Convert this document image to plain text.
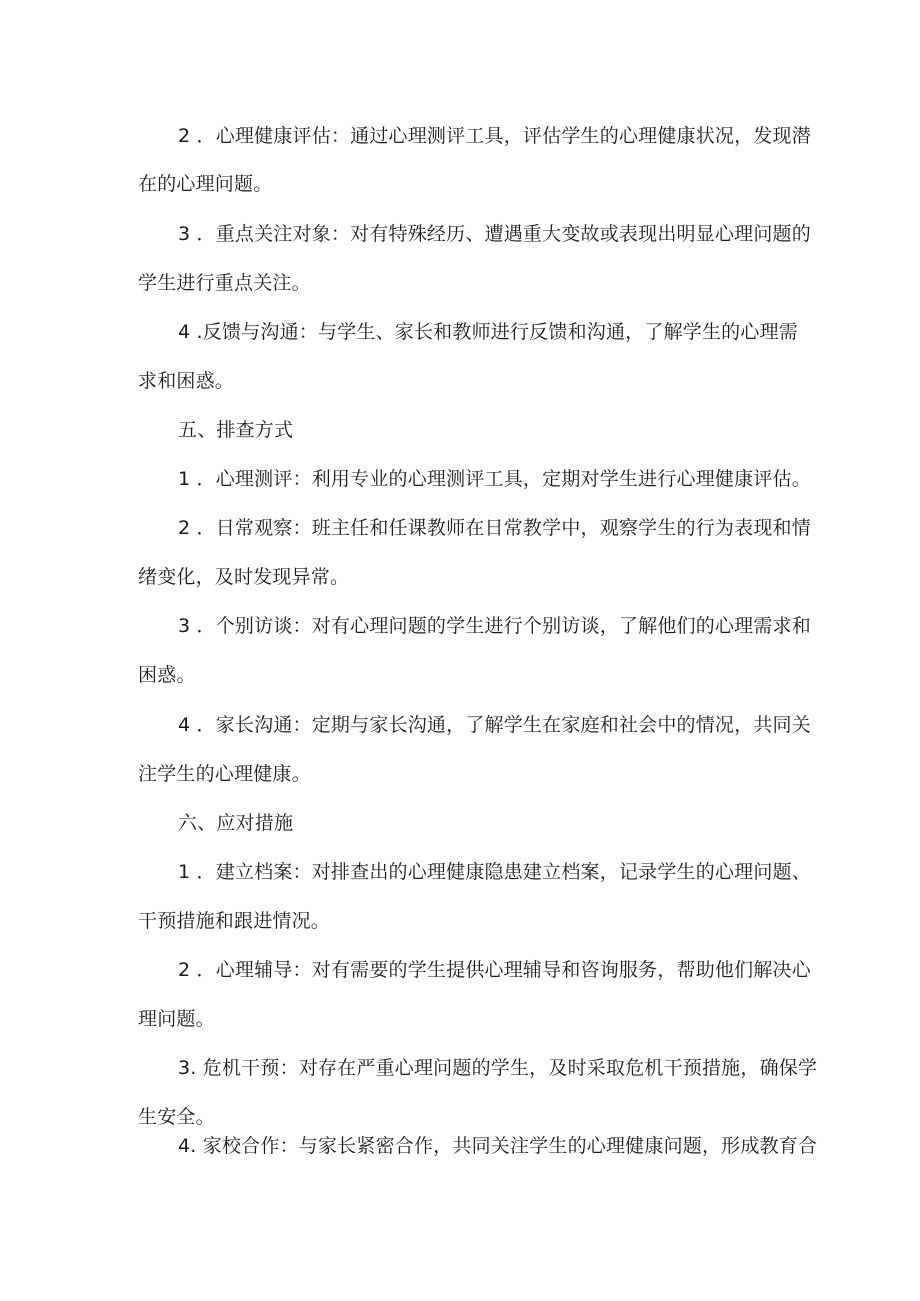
2 ．心理健康评估：通过心理测评工具，评估学生的心理健康状况，发现潜
在的心理问题。
3 ．重点关注对象：对有特殊经历、遭遇重大变故或表现出明显心理问题的
学生进行重点关注。
4 .反馈与沟通：与学生、家长和教师进行反馈和沟通，了解学生的心理需
求和困惑。
五、排查方式
1 ．心理测评：利用专业的心理测评工具，定期对学生进行心理健康评估。
2 ．日常观察：班主任和任课教师在日常教学中，观察学生的行为表现和情
绪变化，及时发现异常。
3 ．个别访谈：对有心理问题的学生进行个别访谈，了解他们的心理需求和
困惑。
4 ．家长沟通：定期与家长沟通，了解学生在家庭和社会中的情况，共同关
注学生的心理健康。
六、应对措施
1 ．建立档案：对排查出的心理健康隐患建立档案，记录学生的心理问题、
干预措施和跟进情况。
2 ．心理辅导：对有需要的学生提供心理辅导和咨询服务，帮助他们解决心
理问题。
3. 危机干预：对存在严重心理问题的学生，及时采取危机干预措施，确保学
生安全。
4. 家校合作：与家长紧密合作，共同关注学生的心理健康问题，形成教育合
